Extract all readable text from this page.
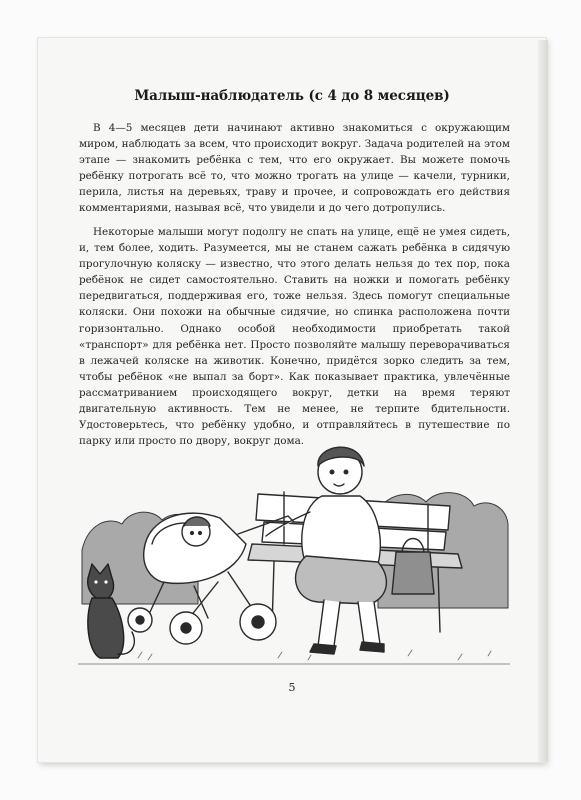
Малыш-наблюдатель (с 4 до 8 месяцев)

В 4—5 месяцев дети начинают активно знакомиться с окружающим миром, наблюдать за всем, что происходит вокруг. Задача родителей на этом этапе — знакомить ребёнка с тем, что его окружает. Вы можете помочь ребёнку потрогать всё то, что можно трогать на улице — качели, турники, перила, листья на деревьях, траву и прочее, и сопровождать его действия комментариями, называя всё, что увидели и до чего дотропулись.

Некоторые малыши могут подолгу не спать на улице, ещё не умея сидеть, и, тем более, ходить. Разумеется, мы не станем сажать ребёнка в сидячую прогулочную коляску — известно, что этого делать нельзя до тех пор, пока ребёнок не сидет самостоятельно. Ставить на ножки и помогать ребёнку передвигаться, поддерживая его, тоже нельзя. Здесь помогут специальные коляски. Они похожи на обычные сидячие, но спинка расположена почти горизонтально. Однако особой необходимости приобретать такой «транспорт» для ребёнка нет. Просто позволяйте малышу переворачиваться в лежачей коляске на животик. Конечно, придётся зорко следить за тем, чтобы ребёнок «не выпал за борт». Как показывает практика, увлечённые рассматриванием происходящего вокруг, детки на время теряют двигательную активность. Тем не менее, не терпите бдительности. Удостоверьтесь, что ребёнку удобно, и отправляйтесь в путешествие по парку или просто по двору, вокруг дома.

5
